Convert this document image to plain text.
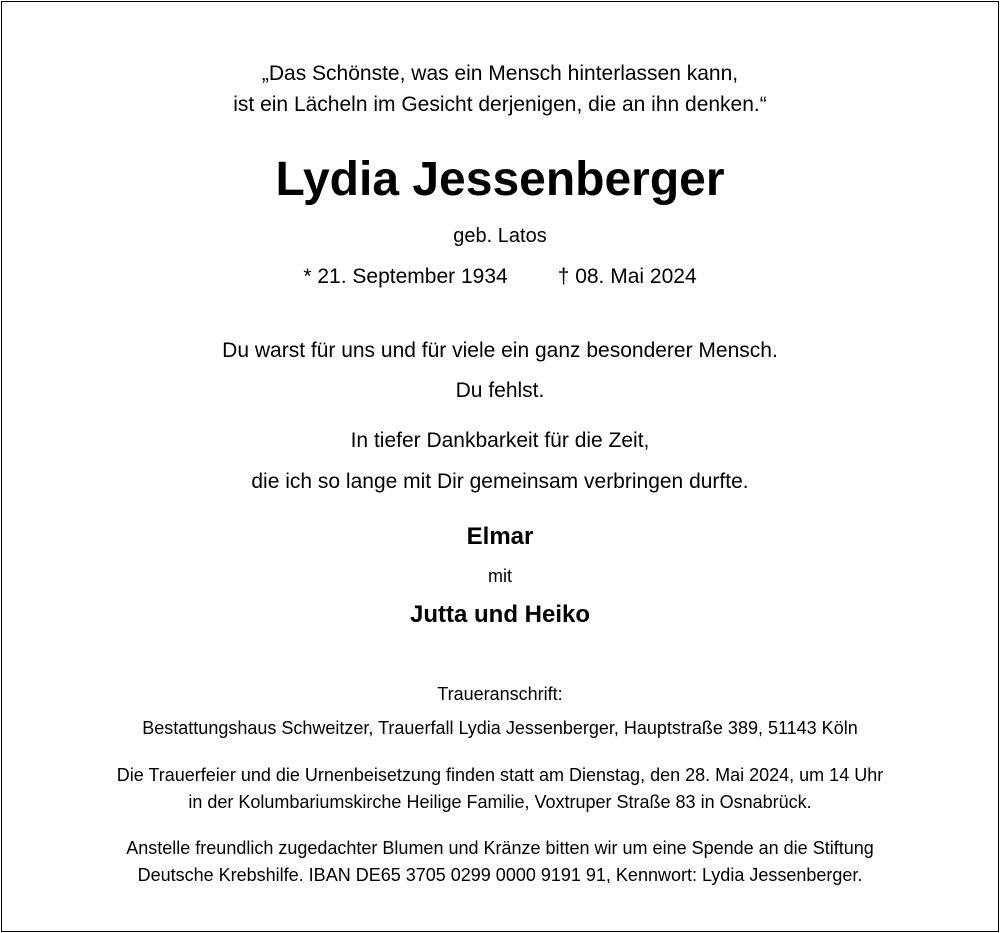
„Das Schönste, was ein Mensch hinterlassen kann,
ist ein Lächeln im Gesicht derjenigen, die an ihn denken.“
Lydia Jessenberger
geb. Latos
* 21. September 1934 † 08. Mai 2024
Du warst für uns und für viele ein ganz besonderer Mensch.
Du fehlst.
In tiefer Dankbarkeit für die Zeit,
die ich so lange mit Dir gemeinsam verbringen durfte.
Elmar
mit
Jutta und Heiko
Traueranschrift:
Bestattungshaus Schweitzer, Trauerfall Lydia Jessenberger, Hauptstraße 389, 51143 Köln
Die Trauerfeier und die Urnenbeisetzung finden statt am Dienstag, den 28. Mai 2024, um 14 Uhr
in der Kolumbariumskirche Heilige Familie, Voxtruper Straße 83 in Osnabrück.
Anstelle freundlich zugedachter Blumen und Kränze bitten wir um eine Spende an die Stiftung
Deutsche Krebshilfe. IBAN DE65 3705 0299 0000 9191 91, Kennwort: Lydia Jessenberger.
